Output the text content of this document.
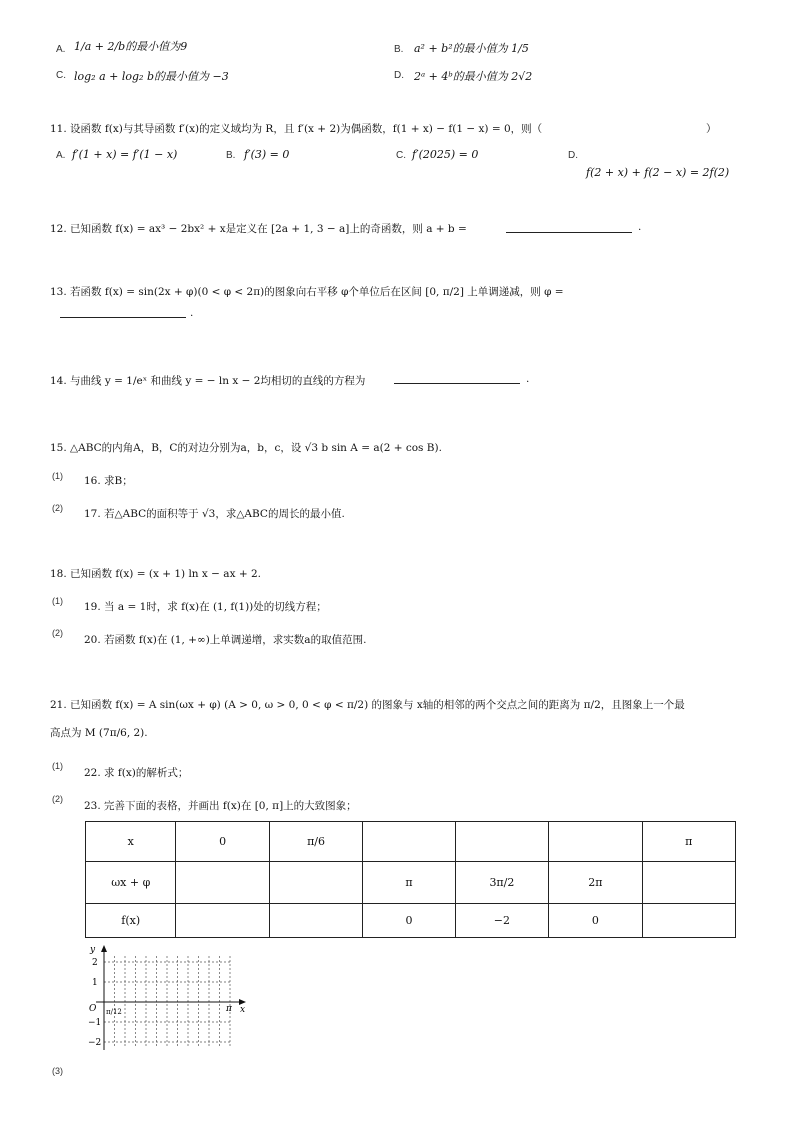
A. 1/a + 2/b的最小值为9	B. a² + b²的最小值为 1/5
C. log₂ a + log₂ b的最小值为 −3	D. 2ᵃ + 4ᵇ的最小值为 2√2
11. 设函数 f(x)与其导函数 f′(x)的定义域均为 R，且 f′(x + 2)为偶函数，f(1 + x) − f(1 − x) = 0，则（	）
A. f′(1 + x) = f′(1 − x)	B. f′(3) = 0	C. f′(2025) = 0	D.
f(2 + x) + f(2 − x) = 2f(2)
12. 已知函数 f(x) = ax³ − 2bx² + x是定义在 [2a + 1, 3 − a]上的奇函数，则 a + b =	.
13. 若函数 f(x) = sin(2x + φ)(0 < φ < 2π)的图象向右平移 φ个单位后在区间 [0, π/2] 上单调递减，则 φ =
.
14. 与曲线 y = 1/eˣ 和曲线 y = − ln x − 2均相切的直线的方程为	.
15. △ABC的内角A，B，C的对边分别为a，b，c，设 √3 b sin A = a(2 + cos B).
(1) 16. 求B；
(2) 17. 若△ABC的面积等于 √3，求△ABC的周长的最小值.
18. 已知函数 f(x) = (x + 1) ln x − ax + 2.
(1) 19. 当 a = 1时，求 f(x)在 (1, f(1))处的切线方程；
(2)
20. 若函数 f(x)在 (1, +∞)上单调递增，求实数a的取值范围.
21. 已知函数 f(x) = A sin(ωx + φ) (A > 0, ω > 0, 0 < φ < π/2) 的图象与 x轴的相邻的两个交点之间的距离为 π/2，且图象上一个最
高点为 M (7π/6, 2).
(1)
22. 求 f(x)的解析式；
(2)
23. 完善下面的表格，并画出 f(x)在 [0, π]上的大致图象；
x	0	π/6				π
ωx + φ			π	3π/2	2π	
f(x)			0	−2	0	
y
x
O
2
1
−1
−2
π/12	π
(3)
